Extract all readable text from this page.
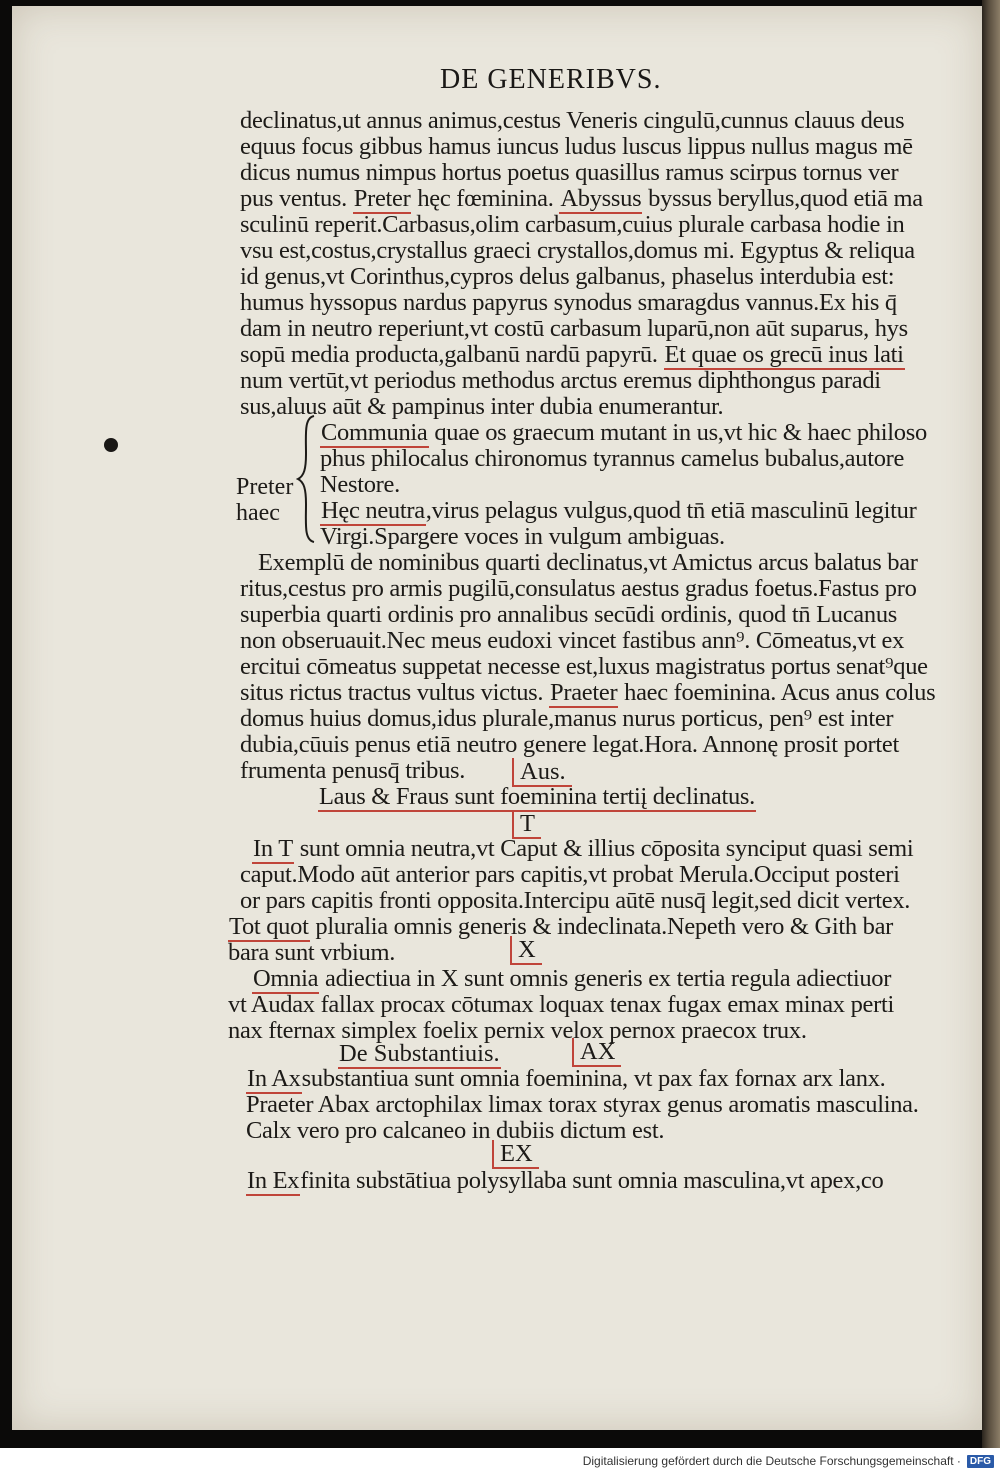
DE GENERIBVS.
declinatus,ut annus animus,cestus Veneris cingulū,cunnus clauus deus
equus focus gibbus hamus iuncus ludus luscus lippus nullus magus mē
dicus numus nimpus hortus poetus quasillus ramus scirpus tornus ver
pus ventus. Preter hęc fœminina. Abyssus byssus beryllus,quod etiā ma
sculinū reperit.Carbasus,olim carbasum,cuius plurale carbasa hodie in
vsu est,costus,crystallus graeci crystallos,domus mi. Egyptus & reliqua
id genus,vt Corinthus,cypros delus galbanus, phaselus interdubia est:
humus hyssopus nardus papyrus synodus smaragdus vannus.Ex his q̄
dam in neutro reperiunt,vt costū carbasum luparū,non aūt suparus, hys
sopū media producta,galbanū nardū papyrū. Et quae os grecū inus lati
num vertūt,vt periodus methodus arctus eremus diphthongus paradi
sus,aluus aūt & pampinus inter dubia enumerantur.
Preter
haec
Communia quae os graecum mutant in us,vt hic & haec philoso
phus philocalus chironomus tyrannus camelus bubalus,autore
Nestore.
Hęc neutra,virus pelagus vulgus,quod tn̄ etiā masculinū legitur
Virgi.Spargere voces in vulgum ambiguas.
Exemplū de nominibus quarti declinatus,vt Amictus arcus balatus bar
ritus,cestus pro armis pugilū,consulatus aestus gradus foetus.Fastus pro
superbia quarti ordinis pro annalibus secūdi ordinis, quod tn̄ Lucanus
non obseruauit.Nec meus eudoxi vincet fastibus ann⁹. Cōmeatus,vt ex
ercitui cōmeatus suppetat necesse est,luxus magistratus portus senat⁹que
situs rictus tractus vultus victus. Praeter haec foeminina. Acus anus colus
domus huius domus,idus plurale,manus nurus porticus, pen⁹ est inter
dubia,cūuis penus etiā neutro genere legat.Hora. Annonę prosit portet
frumenta penusq̄ tribus.	Aus.
Laus & Fraus sunt foeminina tertiį declinatus.
T
In T sunt omnia neutra,vt Caput & illius cōposita synciput quasi semi
caput.Modo aūt anterior pars capitis,vt probat Merula.Occiput posteri
or pars capitis fronti opposita.Intercipu aūtē nusq̄ legit,sed dicit vertex.
Tot quot pluralia omnis generis & indeclinata.Nepeth vero & Gith bar
bara sunt vrbium.	X
Omnia adiectiua in X sunt omnis generis ex tertia regula adiectiuor
vt Audax fallax procax cōtumax loquax tenax fugax emax minax perti
nax fternax simplex foelix pernix velox pernox praecox trux.
De Substantiuis.	AX
In Axsubstantiua sunt omnia foeminina, vt pax fax fornax arx lanx.
Praeter Abax arctophilax limax torax styrax genus aromatis masculina.
Calx vero pro calcaneo in dubiis dictum est.
EX
In Exfinita substātiua polysyllaba sunt omnia masculina,vt apex,co
Digitalisierung gefördert durch die Deutsche Forschungsgemeinschaft · DFG
